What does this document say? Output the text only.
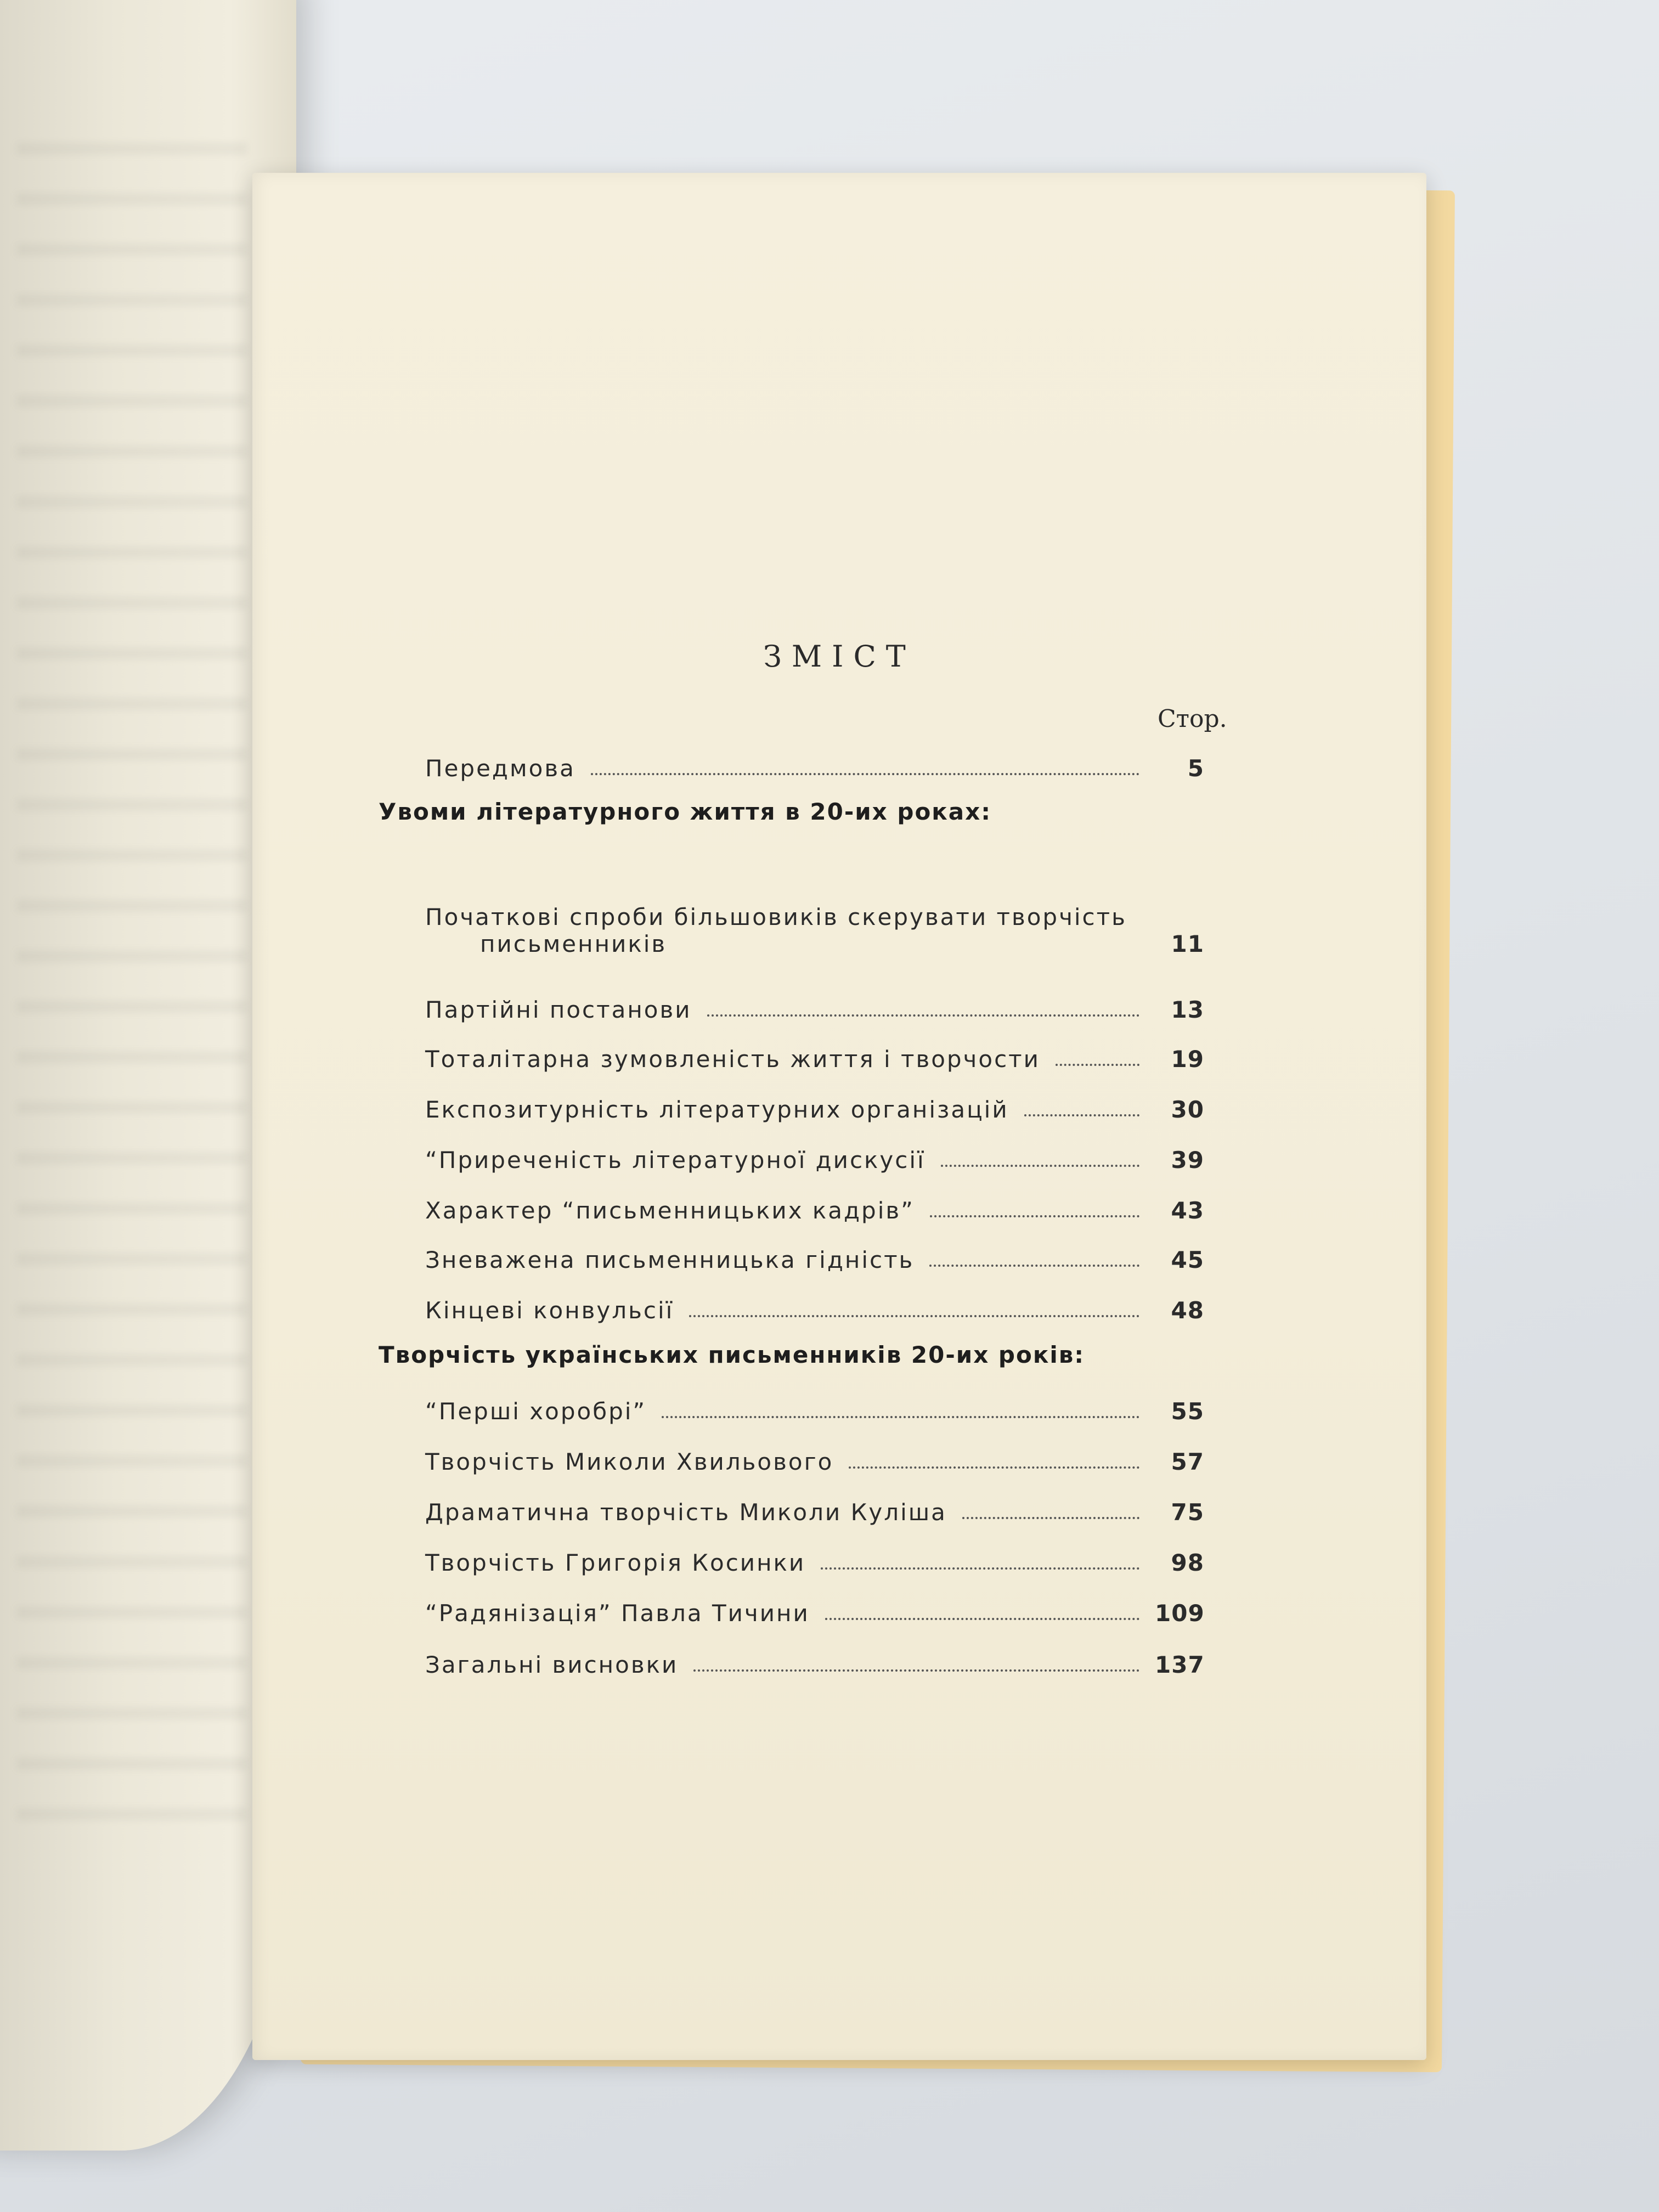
ЗМІСТ
Стор.
Передмова	5
Увоми літературного життя в 20-их роках:
Початкові спроби більшовиків скерувати творчість
письменників	11
Партійні постанови	13
Тоталітарна зумовленість життя і творчости	19
Експозитурність літературних організацій	30
“Приреченість літературної дискусії	39
Характер “письменницьких кадрів”	43
Зневажена письменницька гідність	45
Кінцеві конвульсії	48
Творчість українських письменників 20-их років:
“Перші хоробрі”	55
Творчість Миколи Хвильового	57
Драматична творчість Миколи Куліша	75
Творчість Григорія Косинки	98
“Радянізація” Павла Тичини	109
Загальні висновки	137
